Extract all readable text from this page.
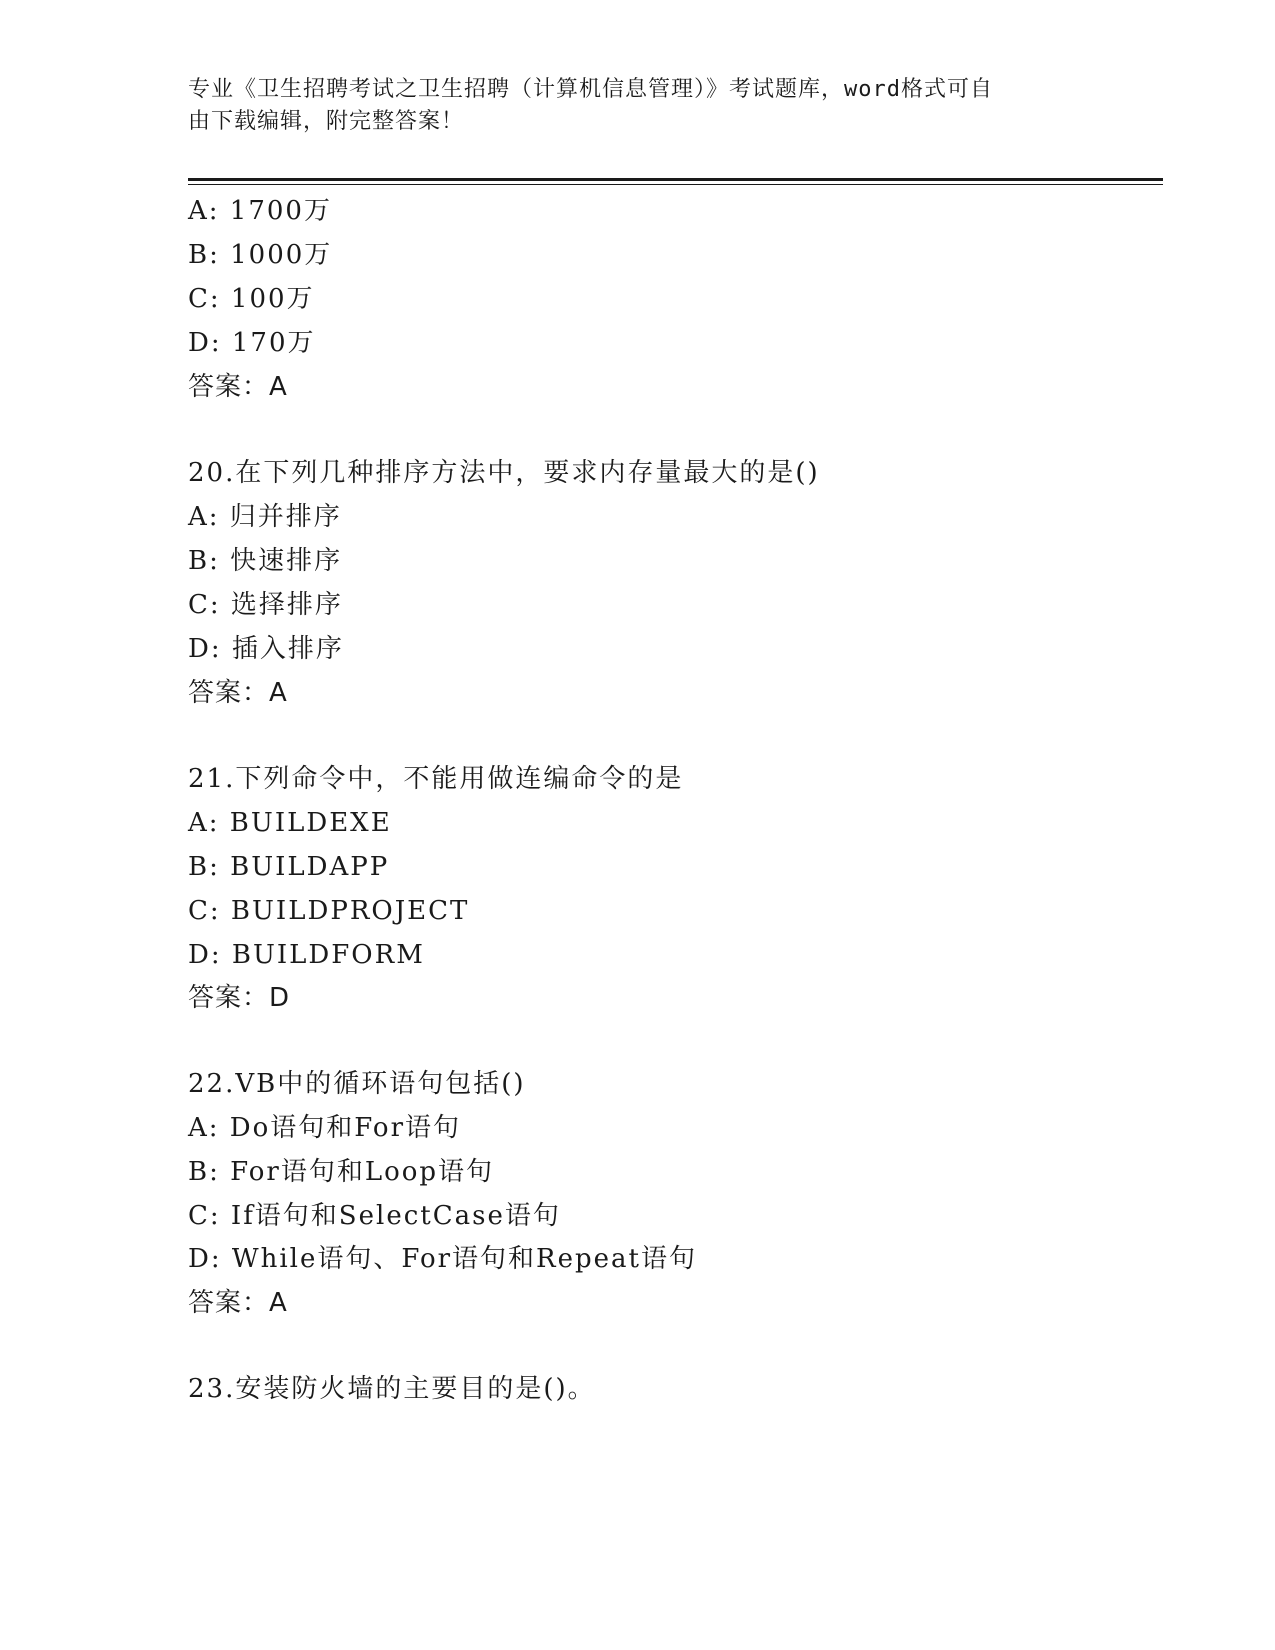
专业《卫生招聘考试之卫生招聘（计算机信息管理）》考试题库，word格式可自
由下载编辑，附完整答案！
A: 1700万
B: 1000万
C: 100万
D: 170万
答案：A
20.在下列几种排序方法中，要求内存量最大的是()
A: 归并排序
B: 快速排序
C: 选择排序
D: 插入排序
答案：A
21.下列命令中，不能用做连编命令的是
A: BUILDEXE
B: BUILDAPP
C: BUILDPROJECT
D: BUILDFORM
答案：D
22.VB中的循环语句包括()
A: Do语句和For语句
B: For语句和Loop语句
C: If语句和SelectCase语句
D: While语句、For语句和Repeat语句
答案：A
23.安装防火墙的主要目的是()。
